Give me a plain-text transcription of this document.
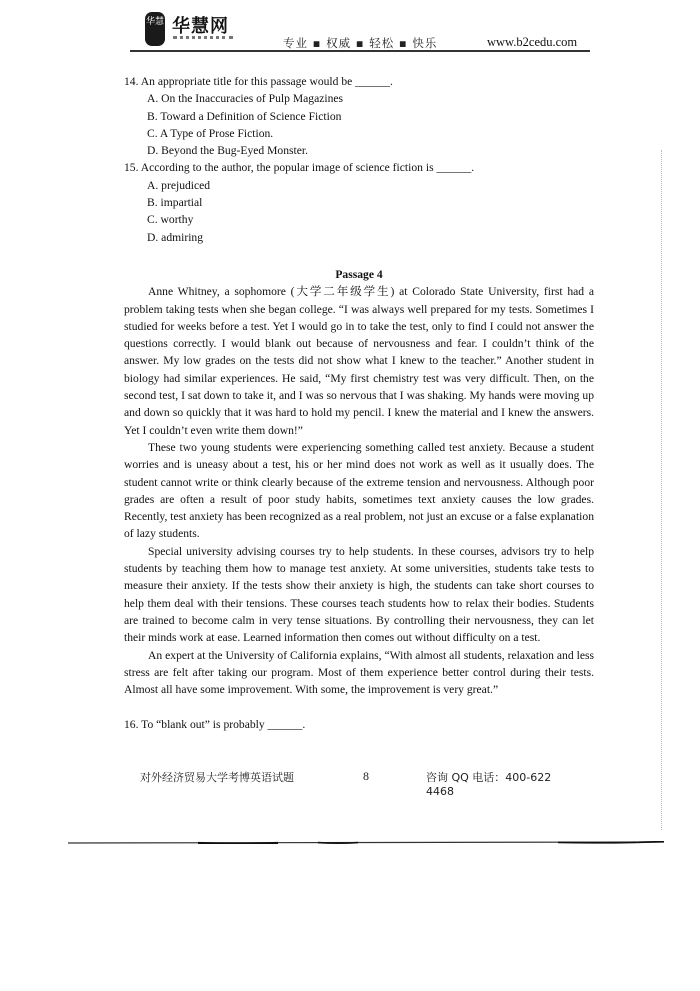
华慧 华慧网
专业 ▪ 权威 ▪ 轻松 ▪ 快乐	www.b2cedu.com

14. An appropriate title for this passage would be ______.

A. On the Inaccuracies of Pulp Magazines

B. Toward a Definition of Science Fiction

C. A Type of Prose Fiction.

D. Beyond the Bug-Eyed Monster.

15. According to the author, the popular image of science fiction is ______.

A. prejudiced

B. impartial

C. worthy

D. admiring

Passage 4

Anne Whitney, a sophomore (大学二年级学生) at Colorado State University, first had a problem taking tests when she began college. “I was always well prepared for my tests. Sometimes I studied for weeks before a test. Yet I would go in to take the test, only to find I could not answer the questions correctly. I would blank out because of nervousness and fear. I couldn’t think of the answer. My low grades on the tests did not show what I knew to the teacher.” Another student in biology had similar experiences. He said, “My first chemistry test was very difficult. Then, on the second test, I sat down to take it, and I was so nervous that I was shaking. My hands were moving up and down so quickly that it was hard to hold my pencil. I knew the material and I knew the answers. Yet I couldn’t even write them down!”

These two young students were experiencing something called test anxiety. Because a student worries and is uneasy about a test, his or her mind does not work as well as it usually does. The student cannot write or think clearly because of the extreme tension and nervousness. Although poor grades are often a result of poor study habits, sometimes text anxiety causes the low grades. Recently, test anxiety has been recognized as a real problem, not just an excuse or a false explanation of lazy students.

Special university advising courses try to help students. In these courses, advisors try to help students by teaching them how to manage test anxiety. At some universities, students take tests to measure their anxiety. If the tests show their anxiety is high, the students can take short courses to help them deal with their tensions. These courses teach students how to relax their bodies. Students are trained to become calm in very tense situations. By controlling their nervousness, they can let their minds work at ease. Learned information then comes out without difficulty on a test.

An expert at the University of California explains, “With almost all students, relaxation and less stress are felt after taking our program. Most of them experience better control during their tests. Almost all have some improvement. With some, the improvement is very great.”

16. To “blank out” is probably ______.

对外经济贸易大学考博英语试题	8	咨询 QQ 电话：400-622 4468
